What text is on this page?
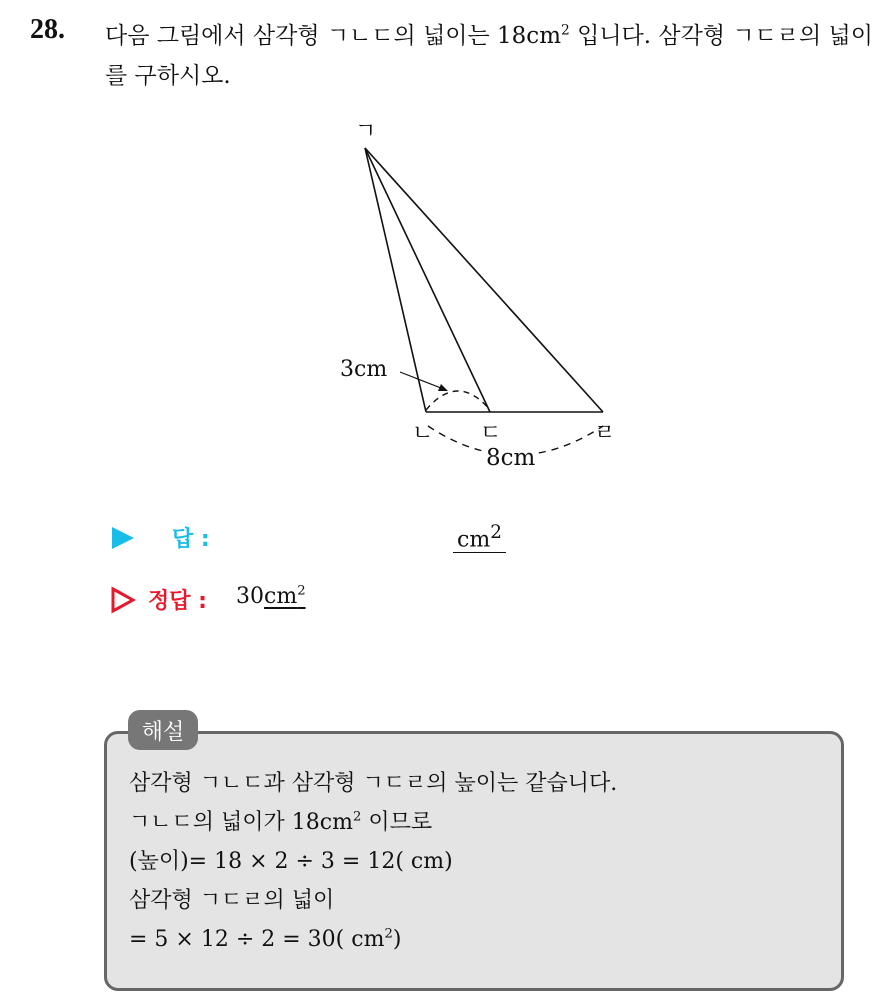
28. 다음 그림에서 삼각형 ㄱㄴㄷ의 넓이는 $18cm^2$ 입니다. 삼각형 ㄱㄷㄹ의 넓이를 구하시오.
ㄱ
ㄴ ㄷ	ㄹ
3cm
8cm
답 :	$cm^2$
정답 : $30cm^2$
삼각형 ㄱㄴㄷ과 삼각형 ㄱㄷㄹ의 높이는 같습니다.
ㄱㄴㄷ의 넓이가 $18cm^2$ 이므로
(높이)= 18 × 2 ÷ 3 = 12( cm)
삼각형 ㄱㄷㄹ의 넓이
= 5 × 12 ÷ 2 = 30( $cm^2$)
해설
